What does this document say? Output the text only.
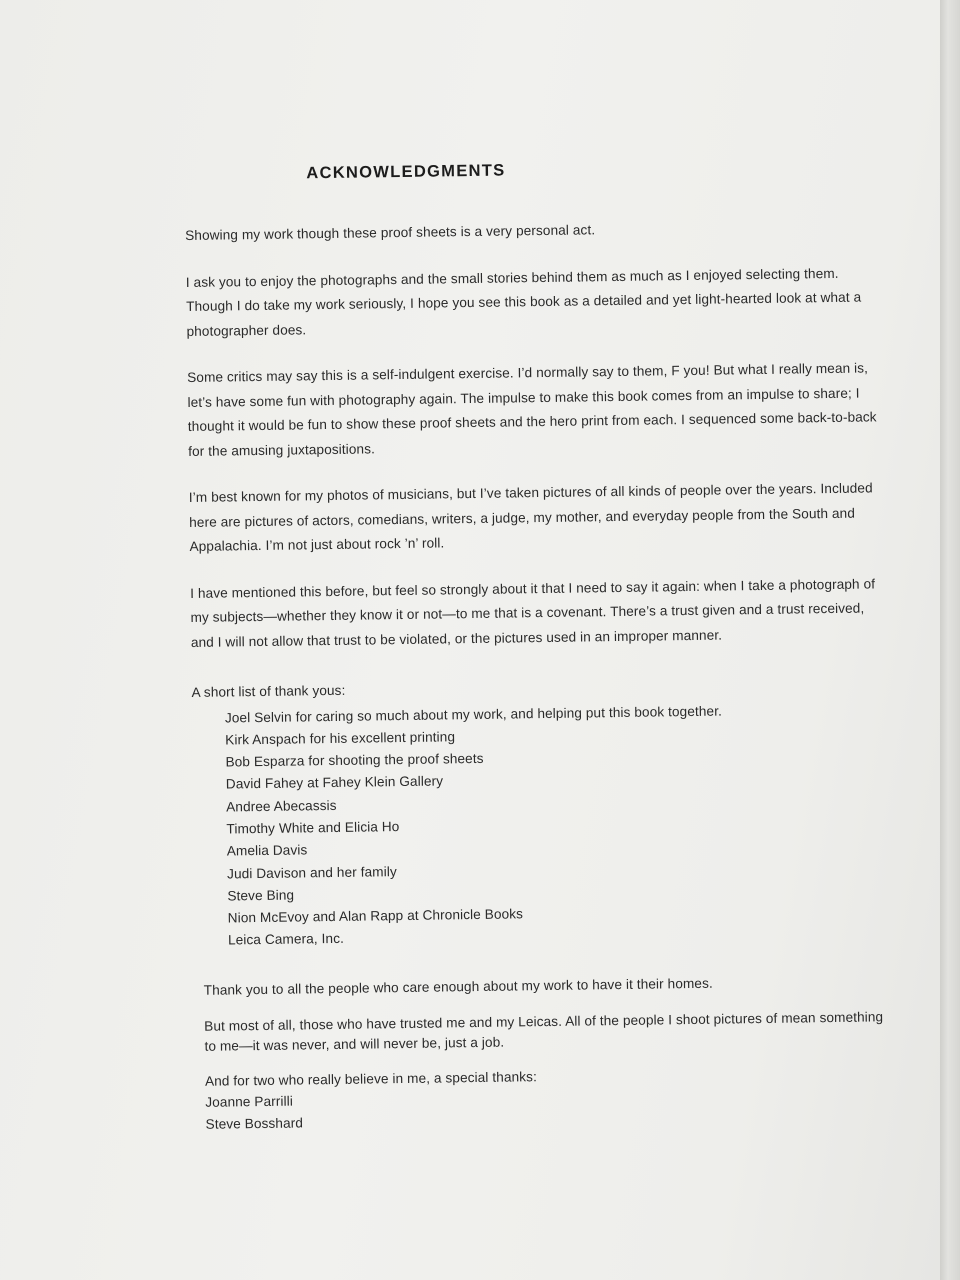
ACKNOWLEDGMENTS

Showing my work though these proof sheets is a very personal act.

I ask you to enjoy the photographs and the small stories behind them as much as I enjoyed selecting them. Though I do take my work seriously, I hope you see this book as a detailed and yet light-hearted look at what a photographer does.

Some critics may say this is a self-indulgent exercise. I’d normally say to them, F you! But what I really mean is, let’s have some fun with photography again. The impulse to make this book comes from an impulse to share; I thought it would be fun to show these proof sheets and the hero print from each. I sequenced some back-to-back for the amusing juxtapositions.

I’m best known for my photos of musicians, but I’ve taken pictures of all kinds of people over the years. Included here are pictures of actors, comedians, writers, a judge, my mother, and everyday people from the South and Appalachia. I’m not just about rock ’n’ roll.

I have mentioned this before, but feel so strongly about it that I need to say it again: when I take a photograph of my subjects—whether they know it or not—to me that is a covenant. There’s a trust given and a trust received, and I will not allow that trust to be violated, or the pictures used in an improper manner.

A short list of thank yous:

Joel Selvin for caring so much about my work, and helping put this book together.
Kirk Anspach for his excellent printing
Bob Esparza for shooting the proof sheets
David Fahey at Fahey Klein Gallery
Andree Abecassis
Timothy White and Elicia Ho
Amelia Davis
Judi Davison and her family
Steve Bing
Nion McEvoy and Alan Rapp at Chronicle Books
Leica Camera, Inc.

Thank you to all the people who care enough about my work to have it their homes.

But most of all, those who have trusted me and my Leicas. All of the people I shoot pictures of mean something to me—it was never, and will never be, just a job.

And for two who really believe in me, a special thanks:

Joanne Parrilli
Steve Bosshard
